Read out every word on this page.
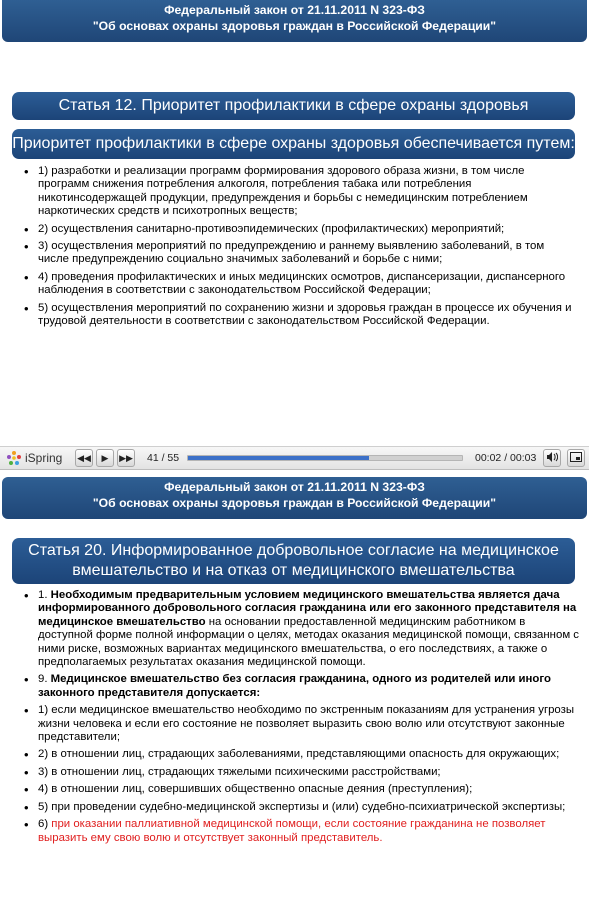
Федеральный закон от 21.11.2011 N 323-ФЗ
"Об основах охраны здоровья граждан в Российской Федерации"
Статья 12. Приоритет профилактики в сфере охраны здоровья
Приоритет профилактики в сфере охраны здоровья обеспечивается путем:
• 1) разработки и реализации программ формирования здорового образа жизни, в том числе программ снижения потребления алкоголя, потребления табака или потребления никотинсодержащей продукции, предупреждения и борьбы с немедицинским потреблением наркотических средств и психотропных веществ;
• 2) осуществления санитарно-противоэпидемических (профилактических) мероприятий;
• 3) осуществления мероприятий по предупреждению и раннему выявлению заболеваний, в том числе предупреждению социально значимых заболеваний и борьбе с ними;
• 4) проведения профилактических и иных медицинских осмотров, диспансеризации, диспансерного наблюдения в соответствии с законодательством Российской Федерации;
• 5) осуществления мероприятий по сохранению жизни и здоровья граждан в процессе их обучения и трудовой деятельности в соответствии с законодательством Российской Федерации.
iSpring ◀◀ ▶ ▶▶ 41 / 55	00:02 / 00:03
Федеральный закон от 21.11.2011 N 323-ФЗ
"Об основах охраны здоровья граждан в Российской Федерации"
Статья 20. Информированное добровольное согласие на медицинское
вмешательство и на отказ от медицинского вмешательства
• 1. Необходимым предварительным условием медицинского вмешательства является дача информированного добровольного согласия гражданина или его законного представителя на медицинское вмешательство на основании предоставленной медицинским работником в доступной форме полной информации о целях, методах оказания медицинской помощи, связанном с ними риске, возможных вариантах медицинского вмешательства, о его последствиях, а также о предполагаемых результатах оказания медицинской помощи.
• 9. Медицинское вмешательство без согласия гражданина, одного из родителей или иного законного представителя допускается:
• 1) если медицинское вмешательство необходимо по экстренным показаниям для устранения угрозы жизни человека и если его состояние не позволяет выразить свою волю или отсутствуют законные представители;
• 2) в отношении лиц, страдающих заболеваниями, представляющими опасность для окружающих;
• 3) в отношении лиц, страдающих тяжелыми психическими расстройствами;
• 4) в отношении лиц, совершивших общественно опасные деяния (преступления);
• 5) при проведении судебно-медицинской экспертизы и (или) судебно-психиатрической экспертизы;
• 6) при оказании паллиативной медицинской помощи, если состояние гражданина не позволяет выразить ему свою волю и отсутствует законный представитель.
